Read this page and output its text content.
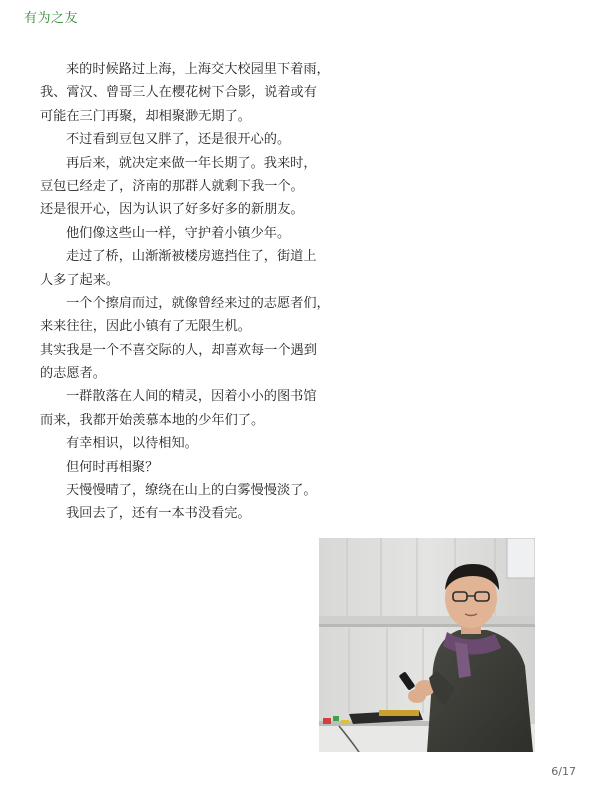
有为之友
来的时候路过上海，上海交大校园里下着雨，
我、霄汉、曾哥三人在樱花树下合影，说着或有
可能在三门再聚，却相聚渺无期了。
不过看到豆包又胖了，还是很开心的。
再后来，就决定来做一年长期了。我来时，
豆包已经走了，济南的那群人就剩下我一个。
还是很开心，因为认识了好多好多的新朋友。
他们像这些山一样，守护着小镇少年。
走过了桥，山渐渐被楼房遮挡住了，街道上
人多了起来。
一个个擦肩而过，就像曾经来过的志愿者们，
来来往往，因此小镇有了无限生机。
其实我是一个不喜交际的人，却喜欢每一个遇到
的志愿者。
一群散落在人间的精灵，因着小小的图书馆
而来，我都开始羡慕本地的少年们了。
有幸相识，以待相知。
但何时再相聚？
天慢慢晴了，缭绕在山上的白雾慢慢淡了。
我回去了，还有一本书没看完。
6/17
